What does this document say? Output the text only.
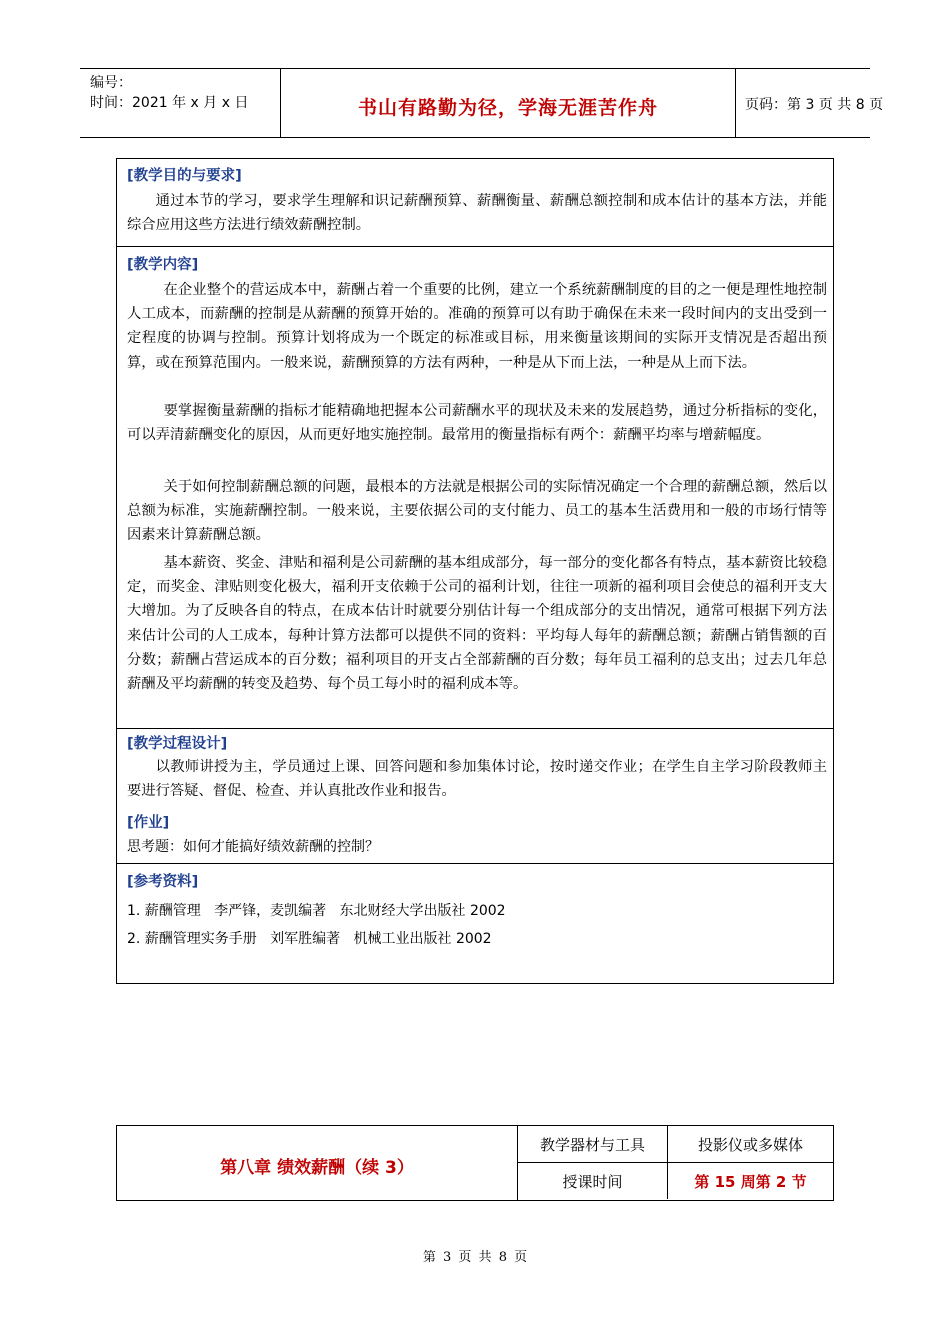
编号：
时间：2021 年 x 月 x 日	书山有路勤为径，学海无涯苦作舟	页码：第 3 页 共 8 页
[教学目的与要求]
通过本节的学习，要求学生理解和识记薪酬预算、薪酬衡量、薪酬总额控制和成本估计的基本方法，并能综合应用这些方法进行绩效薪酬控制。
[教学内容]
在企业整个的营运成本中，薪酬占着一个重要的比例，建立一个系统薪酬制度的目的之一便是理性地控制人工成本，而薪酬的控制是从薪酬的预算开始的。准确的预算可以有助于确保在未来一段时间内的支出受到一定程度的协调与控制。预算计划将成为一个既定的标准或目标，用来衡量该期间的实际开支情况是否超出预算，或在预算范围内。一般来说，薪酬预算的方法有两种，一种是从下而上法，一种是从上而下法。
要掌握衡量薪酬的指标才能精确地把握本公司薪酬水平的现状及未来的发展趋势，通过分析指标的变化，可以弄清薪酬变化的原因，从而更好地实施控制。最常用的衡量指标有两个：薪酬平均率与增薪幅度。
关于如何控制薪酬总额的问题，最根本的方法就是根据公司的实际情况确定一个合理的薪酬总额，然后以总额为标准，实施薪酬控制。一般来说，主要依据公司的支付能力、员工的基本生活费用和一般的市场行情等因素来计算薪酬总额。
基本薪资、奖金、津贴和福利是公司薪酬的基本组成部分，每一部分的变化都各有特点，基本薪资比较稳定，而奖金、津贴则变化极大，福利开支依赖于公司的福利计划，往往一项新的福利项目会使总的福利开支大大增加。为了反映各自的特点，在成本估计时就要分别估计每一个组成部分的支出情况，通常可根据下列方法来估计公司的人工成本，每种计算方法都可以提供不同的资料：平均每人每年的薪酬总额；薪酬占销售额的百分数；薪酬占营运成本的百分数；福利项目的开支占全部薪酬的百分数；每年员工福利的总支出；过去几年总薪酬及平均薪酬的转变及趋势、每个员工每小时的福利成本等。
[教学过程设计]
以教师讲授为主，学员通过上课、回答问题和参加集体讨论，按时递交作业；在学生自主学习阶段教师主要进行答疑、督促、检查、并认真批改作业和报告。
[作业]
思考题：如何才能搞好绩效薪酬的控制？
[参考资料]
1. 薪酬管理   李严锋，麦凯编著   东北财经大学出版社 2002
2. 薪酬管理实务手册   刘军胜编著   机械工业出版社 2002
第八章 绩效薪酬（续 3）
教学器材与工具	投影仪或多媒体
授课时间	第 15 周第 2 节
第 3 页 共 8 页
